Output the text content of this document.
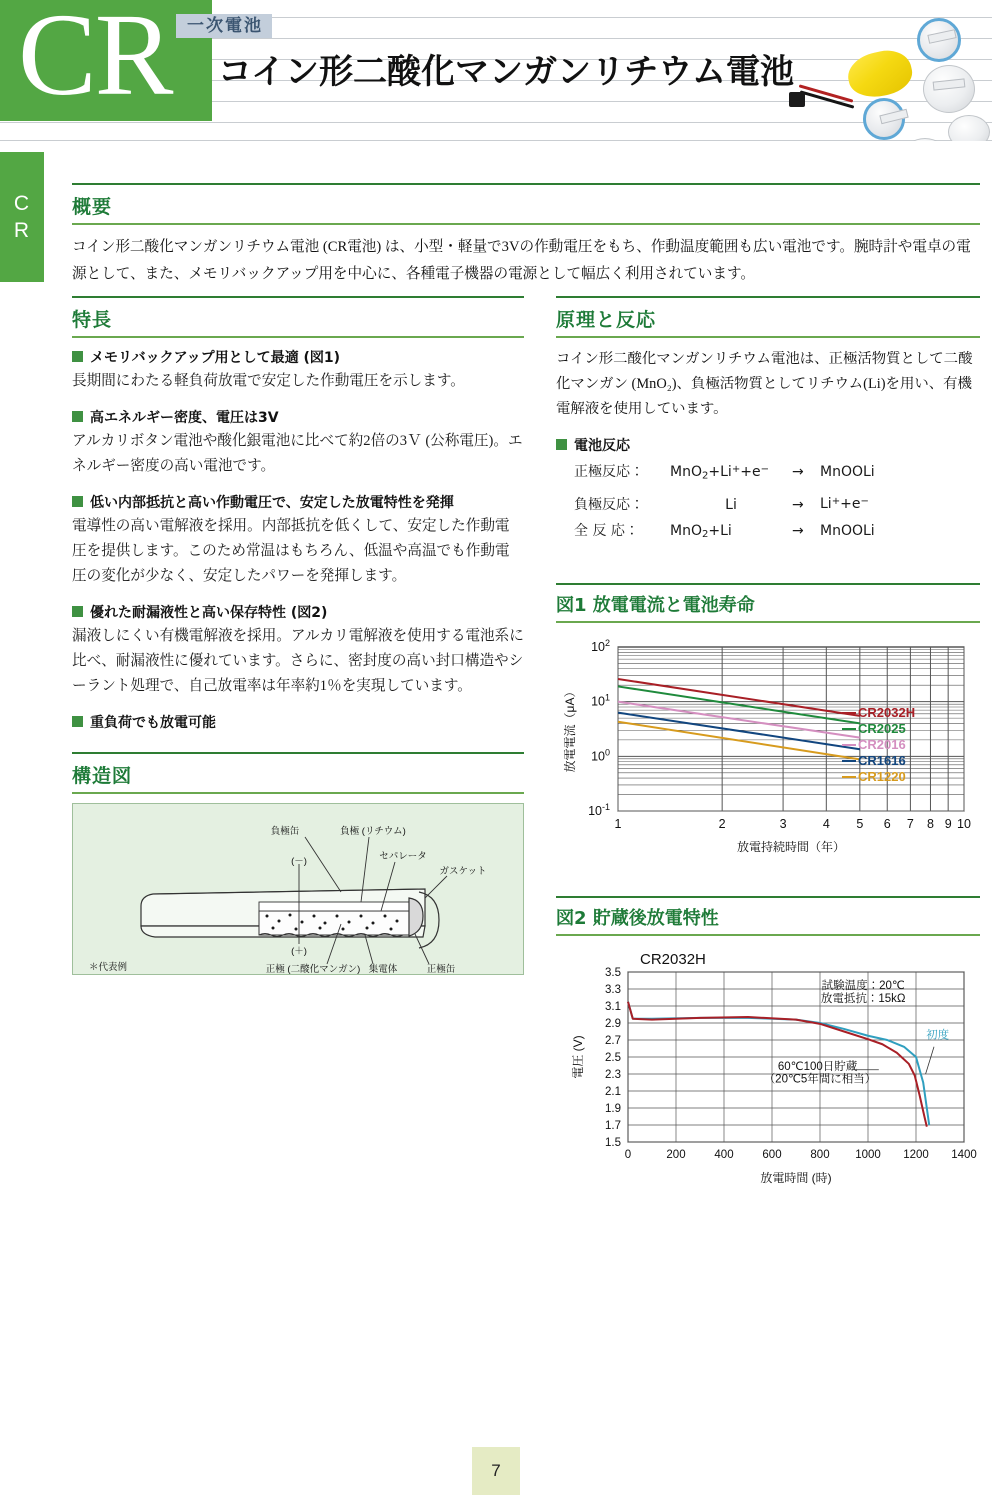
CR 一次電池
コイン形二酸化マンガンリチウム電池
C
R
概要

コイン形二酸化マンガンリチウム電池 (CR電池) は、小型・軽量で3Vの作動電圧をもち、作動温度範囲も広い電池です。腕時計や電卓の電源として、また、メモリバックアップ用を中心に、各種電子機器の電源として幅広く利用されています。

特長
メモリバックアップ用として最適 (図1)
長期間にわたる軽負荷放電で安定した作動電圧を示します。
高エネルギー密度、電圧は3V
アルカリボタン電池や酸化銀電池に比べて約2倍の3Ｖ (公称電圧)。エネルギー密度の高い電池です。
低い内部抵抗と高い作動電圧で、安定した放電特性を発揮
電導性の高い電解液を採用。内部抵抗を低くして、安定した作動電圧を提供します。このため常温はもちろん、低温や高温でも作動電圧の変化が少なく、安定したパワーを発揮します。
優れた耐漏液性と高い保存特性 (図2)
漏液しにくい有機電解液を採用。アルカリ電解液を使用する電池系に比べ、耐漏液性に優れています。さらに、密封度の高い封口構造やシーラント処理で、自己放電率は年率約1％を実現しています。
重負荷でも放電可能
構造図
負極缶	負極 (リチウム)
セパレータ
ガスケット
(－)
(＋)
正極 (二酸化マンガン) 集電体	正極缶
＊代表例
原理と反応

コイン形二酸化マンガンリチウム電池は、正極活物質として二酸化マンガン (MnO₂)、負極活物質としてリチウム(Li)を用い、有機電解液を使用しています。

電池反応
正極反応：	MnO$_2$+Li++e−	→	MnOOLi
負極反応：	Li	→	Li++e−
全 反 応：	MnO$_2$+Li	→	MnOOLi
図1 放電電流と電池寿命
1	2	3	4 5 6 7 8 9 10
$10^{-1}$
$10^0$
$10^1$
$10^2$
CR2032H
CR2025
CR2016
CR1616
CR1220
放電持続時間（年）
放電電流（μA）
図2 貯蔵後放電特性
CR2032H
1.5
1.7
1.9
2.1
2.3
2.5
2.7
2.9
3.1
3.3
3.5
0	200	400	600	800 1000 1200 1400
試験温度：20℃
放電抵抗：15kΩ
初度
60℃100日貯蔵
（20℃5年間に相当）
放電時間 (時)
電圧 (V)
7
